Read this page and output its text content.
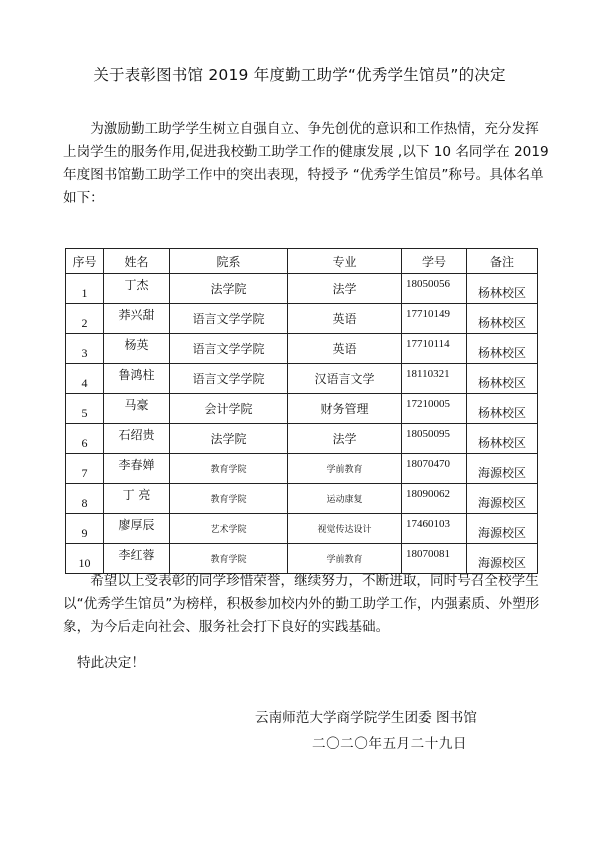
关于表彰图书馆 2019 年度勤工助学“优秀学生馆员”的决定

为激励勤工助学学生树立自强自立、争先创优的意识和工作热情，充分发挥上岗学生的服务作用,促进我校勤工助学工作的健康发展 ,以下 10 名同学在 2019 年度图书馆勤工助学工作中的突出表现，特授予 “优秀学生馆员”称号。具体名单如下：

序号	姓名	院系	专业	学号	备注
1	丁杰	法学院	法学	18050056	杨林校区
2	莽兴甜	语言文学学院	英语	17710149	杨林校区
3	杨英	语言文学学院	英语	17710114	杨林校区
4	鲁鸿柱	语言文学学院	汉语言文学	18110321	杨林校区
5	马豪	会计学院	财务管理	17210005	杨林校区
6	石绍贵	法学院	法学	18050095	杨林校区
7	李春婵	教育学院	学前教育	18070470	海源校区
8	丁 亮	教育学院	运动康复	18090062	海源校区
9	廖厚辰	艺术学院	视觉传达设计	17460103	海源校区
10	李红蓉	教育学院	学前教育	18070081	海源校区

希望以上受表彰的同学珍惜荣誉，继续努力，不断进取，同时号召全校学生以“优秀学生馆员”为榜样，积极参加校内外的勤工助学工作，内强素质、外塑形象，为今后走向社会、服务社会打下良好的实践基础。

特此决定！
云南师范大学商学院学生团委 图书馆
二〇二〇年五月二十九日
